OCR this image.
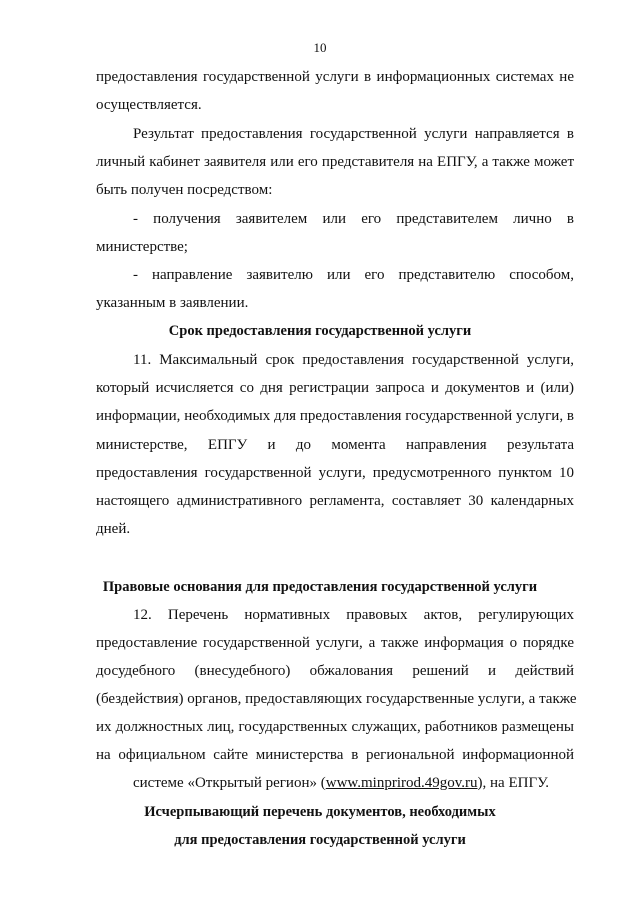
10
предоставления государственной услуги в информационных системах не
осуществляется.
Результат предоставления государственной услуги направляется в
личный кабинет заявителя или его представителя на ЕПГУ, а также может
быть получен посредством:
- получения заявителем или его представителем лично в
министерстве;
- направление заявителю или его представителю способом,
указанным в заявлении.
Срок предоставления государственной услуги
11. Максимальный срок предоставления государственной услуги,
который исчисляется со дня регистрации запроса и документов и (или)
информации, необходимых для предоставления государственной услуги, в
министерстве, ЕПГУ и до момента направления результата
предоставления государственной услуги, предусмотренного пунктом 10
настоящего административного регламента, составляет 30 календарных
дней.
Правовые основания для предоставления государственной услуги
12. Перечень нормативных правовых актов, регулирующих
предоставление государственной услуги, а также информация о порядке
досудебного (внесудебного) обжалования решений и действий
(бездействия) органов, предоставляющих государственные услуги, а также
их должностных лиц, государственных служащих, работников размещены
на официальном сайте министерства в региональной информационной
системе «Открытый регион» (www.minprirod.49gov.ru), на ЕПГУ.
Исчерпывающий перечень документов, необходимых
для предоставления государственной услуги
